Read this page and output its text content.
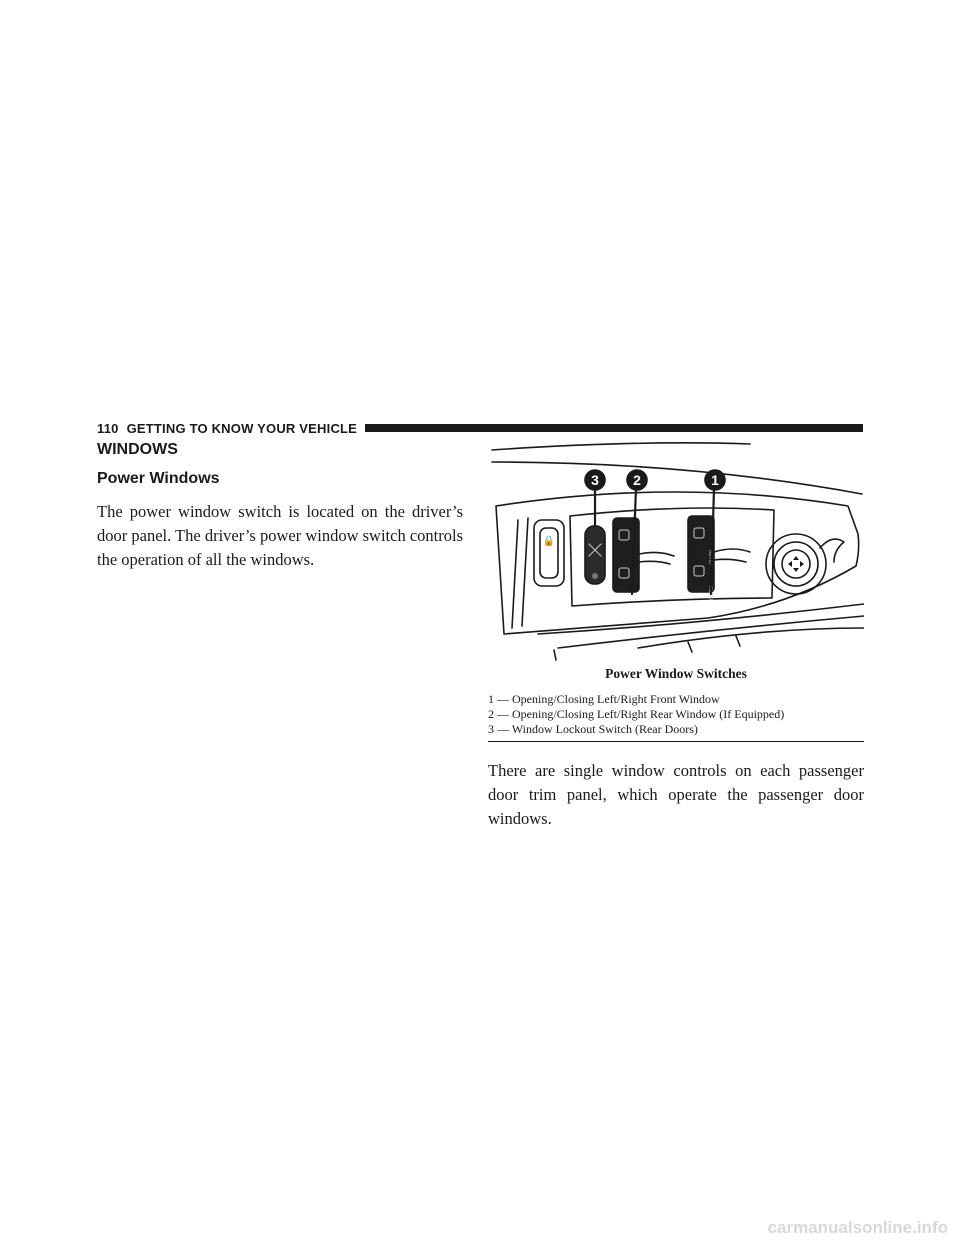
110 GETTING TO KNOW YOUR VEHICLE
WINDOWS
Power Windows

The power window switch is located on the driver’s door panel. The driver’s power window switch controls the operation of all the windows.

🔒
AUTO
AUTO
3 2	1

Power Window Switches

1 — Opening/Closing Left/Right Front Window
2 — Opening/Closing Left/Right Rear Window (If Equipped)
3 — Window Lockout Switch (Rear Doors)

There are single window controls on each passenger door trim panel, which operate the passenger door windows.

carmanualsonline.info
